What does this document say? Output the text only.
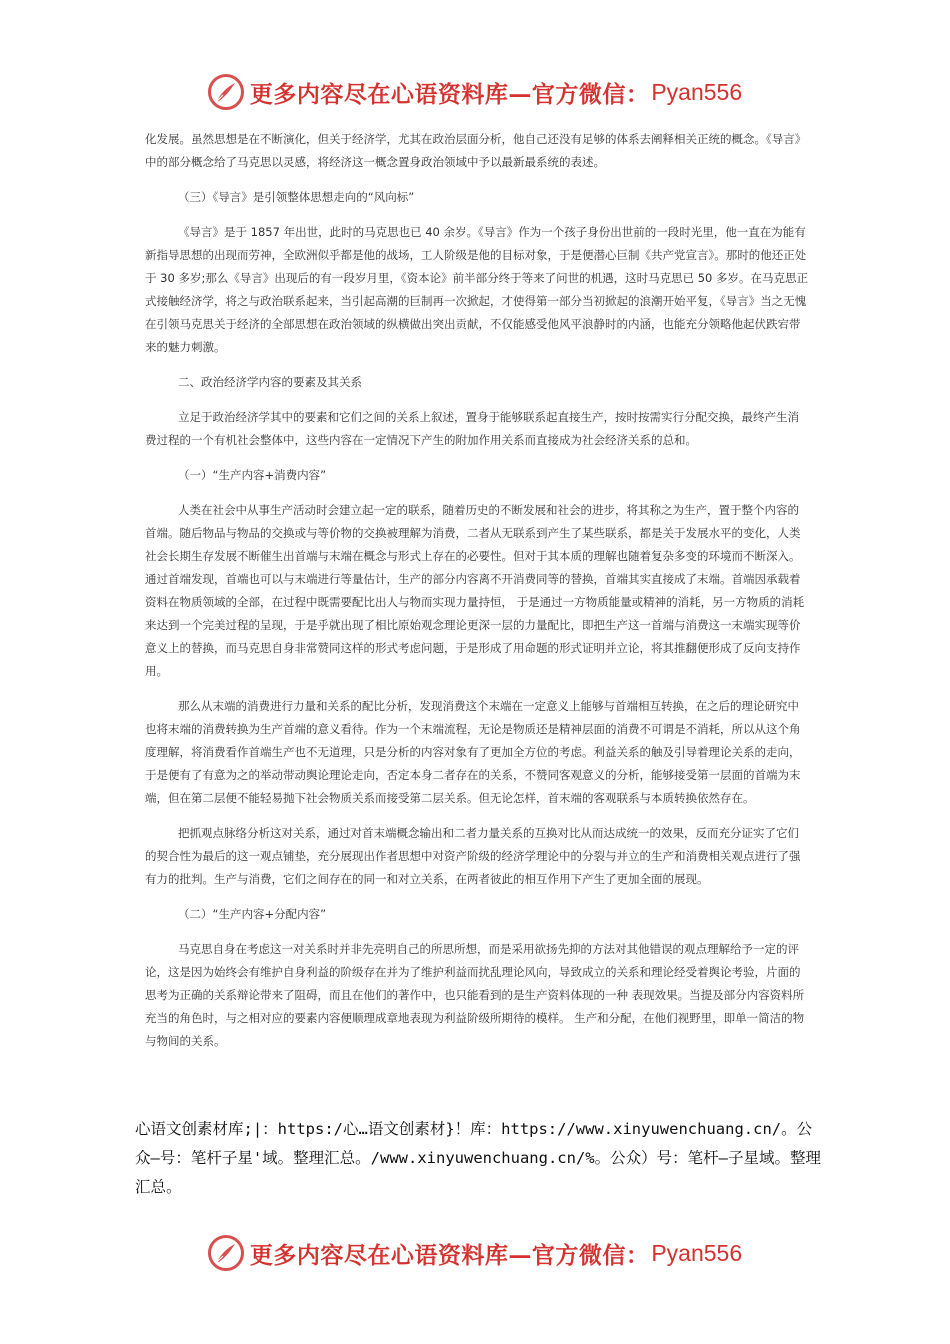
更多内容尽在心语资料库—官方微信： Pyan556

化发展。虽然思想是在不断演化，但关于经济学，尤其在政治层面分析，他自己还没有足够的体系去阐释相关正统的概念。《导言》中的部分概念给了马克思以灵感，将经济这一概念置身政治领域中予以最新最系统的表述。

（三）《导言》是引领整体思想走向的“风向标”

《导言》是于 1857 年出世，此时的马克思也已 40 余岁。《导言》作为一个孩子身份出世前的一段时光里，他一直在为能有新指导思想的出现而劳神，全欧洲似乎都是他的战场，工人阶级是他的目标对象，于是便潜心巨制《共产党宣言》。那时的他还正处于 30 多岁;那么《导言》出现后的有一段岁月里，《资本论》前半部分终于等来了问世的机遇，这时马克思已 50 多岁。在马克思正式接触经济学，将之与政治联系起来，当引起高潮的巨制再一次掀起，才使得第一部分当初掀起的浪潮开始平复，《导言》当之无愧在引领马克思关于经济的全部思想在政治领域的纵横做出突出贡献，不仅能感受他风平浪静时的内涵，也能充分领略他起伏跌宕带来的魅力刺激。

二、政治经济学内容的要素及其关系

立足于政治经济学其中的要素和它们之间的关系上叙述，置身于能够联系起直接生产，按时按需实行分配交换，最终产生消费过程的一个有机社会整体中，这些内容在一定情况下产生的附加作用关系而直接成为社会经济关系的总和。

（一）“生产内容+消费内容”

人类在社会中从事生产活动时会建立起一定的联系，随着历史的不断发展和社会的进步，将其称之为生产，置于整个内容的首端。随后物品与物品的交换或与等价物的交换被理解为消费，二者从无联系到产生了某些联系，都是关于发展水平的变化，人类社会长期生存发展不断催生出首端与末端在概念与形式上存在的必要性。但对于其本质的理解也随着复杂多变的环境而不断深入。通过首端发现，首端也可以与末端进行等量估计，生产的部分内容离不开消费同等的替换，首端其实直接成了末端。首端因承载着资料在物质领域的全部，在过程中既需要配比出人与物而实现力量持恒， 于是通过一方物质能量或精神的消耗，另一方物质的消耗来达到一个完美过程的呈现，于是乎就出现了相比原始观念理论更深一层的力量配比，即把生产这一首端与消费这一末端实现等价意义上的替换，而马克思自身非常赞同这样的形式考虑问题，于是形成了用命题的形式证明并立论，将其推翻便形成了反向支持作用。

那么从末端的消费进行力量和关系的配比分析，发现消费这个末端在一定意义上能够与首端相互转换，在之后的理论研究中也将末端的消费转换为生产首端的意义看待。作为一个末端流程，无论是物质还是精神层面的消费不可谓是不消耗，所以从这个角度理解，将消费看作首端生产也不无道理，只是分析的内容对象有了更加全方位的考虑。利益关系的触及引导着理论关系的走向，于是便有了有意为之的举动带动舆论理论走向，否定本身二者存在的关系，不赞同客观意义的分析，能够接受第一层面的首端为末端，但在第二层便不能轻易抛下社会物质关系而接受第二层关系。但无论怎样，首末端的客观联系与本质转换依然存在。

把抓观点脉络分析这对关系，通过对首末端概念输出和二者力量关系的互换对比从而达成统一的效果，反而充分证实了它们的契合性为最后的这一观点铺垫，充分展现出作者思想中对资产阶级的经济学理论中的分裂与并立的生产和消费相关观点进行了强有力的批判。生产与消费，它们之间存在的同一和对立关系，在两者彼此的相互作用下产生了更加全面的展现。

（二）“生产内容+分配内容”

马克思自身在考虑这一对关系时并非先亮明自己的所思所想，而是采用欲扬先抑的方法对其他错误的观点理解给予一定的评论，这是因为始终会有维护自身利益的阶级存在并为了维护利益而扰乱理论风向，导致成立的关系和理论经受着舆论考验，片面的思考为正确的关系辩论带来了阻碍，而且在他们的著作中，也只能看到的是生产资料体现的一种 表现效果。当提及部分内容资料所充当的角色时，与之相对应的要素内容便顺理成章地表现为利益阶级所期待的模样。 生产和分配，在他们视野里，即单一简洁的物与物间的关系。

心语文创素材库;|：https:/心…语文创素材}！库：https://www.xinyuwenchuang.cn/。公众—号：笔杆子星'域。整理汇总。/www.xinyuwenchuang.cn/%。公众）号：笔杆—子星域。整理汇总。
更多内容尽在心语资料库—官方微信： Pyan556
